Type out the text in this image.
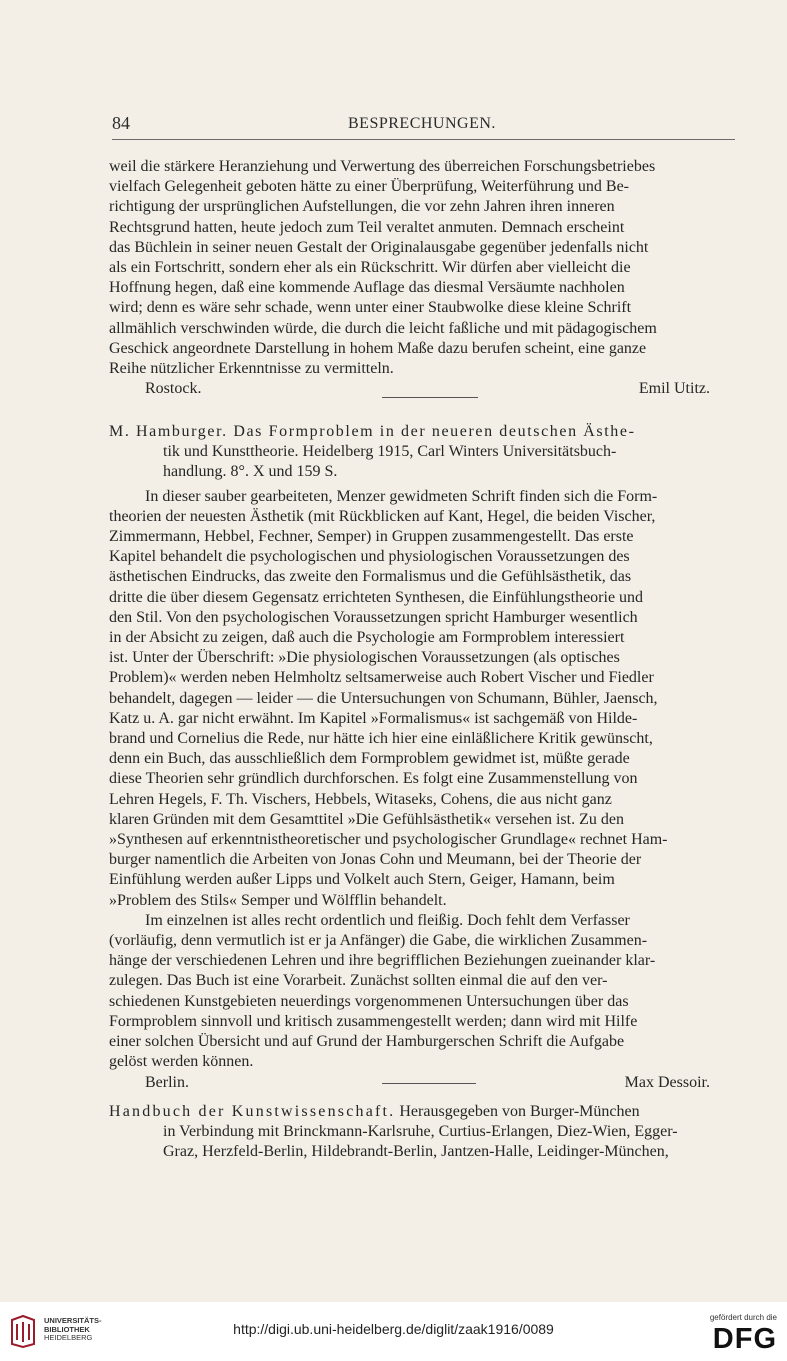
84	BESPRECHUNGEN.

weil die stärkere Heranziehung und Verwertung des überreichen Forschungsbetriebes

vielfach Gelegenheit geboten hätte zu einer Überprüfung, Weiterführung und Be-

richtigung der ursprünglichen Aufstellungen, die vor zehn Jahren ihren inneren

Rechtsgrund hatten, heute jedoch zum Teil veraltet anmuten. Demnach erscheint

das Büchlein in seiner neuen Gestalt der Originalausgabe gegenüber jedenfalls nicht

als ein Fortschritt, sondern eher als ein Rückschritt. Wir dürfen aber vielleicht die

Hoffnung hegen, daß eine kommende Auflage das diesmal Versäumte nachholen

wird; denn es wäre sehr schade, wenn unter einer Staubwolke diese kleine Schrift

allmählich verschwinden würde, die durch die leicht faßliche und mit pädagogischem

Geschick angeordnete Darstellung in hohem Maße dazu berufen scheint, eine ganze

Reihe nützlicher Erkenntnisse zu vermitteln.

Rostock.	Emil Utitz.

M. Hamburger. Das Formproblem in der neueren deutschen Ästhe-

tik und Kunsttheorie. Heidelberg 1915, Carl Winters Universitätsbuch-

handlung. 8°. X und 159 S.

In dieser sauber gearbeiteten, Menzer gewidmeten Schrift finden sich die Form-

theorien der neuesten Ästhetik (mit Rückblicken auf Kant, Hegel, die beiden Vischer,

Zimmermann, Hebbel, Fechner, Semper) in Gruppen zusammengestellt. Das erste

Kapitel behandelt die psychologischen und physiologischen Voraussetzungen des

ästhetischen Eindrucks, das zweite den Formalismus und die Gefühlsästhetik, das

dritte die über diesem Gegensatz errichteten Synthesen, die Einfühlungstheorie und

den Stil. Von den psychologischen Voraussetzungen spricht Hamburger wesentlich

in der Absicht zu zeigen, daß auch die Psychologie am Formproblem interessiert

ist. Unter der Überschrift: »Die physiologischen Voraussetzungen (als optisches

Problem)« werden neben Helmholtz seltsamerweise auch Robert Vischer und Fiedler

behandelt, dagegen — leider — die Untersuchungen von Schumann, Bühler, Jaensch,

Katz u. A. gar nicht erwähnt. Im Kapitel »Formalismus« ist sachgemäß von Hilde-

brand und Cornelius die Rede, nur hätte ich hier eine einläßlichere Kritik gewünscht,

denn ein Buch, das ausschließlich dem Formproblem gewidmet ist, müßte gerade

diese Theorien sehr gründlich durchforschen. Es folgt eine Zusammenstellung von

Lehren Hegels, F. Th. Vischers, Hebbels, Witaseks, Cohens, die aus nicht ganz

klaren Gründen mit dem Gesamttitel »Die Gefühlsästhetik« versehen ist. Zu den

»Synthesen auf erkenntnistheoretischer und psychologischer Grundlage« rechnet Ham-

burger namentlich die Arbeiten von Jonas Cohn und Meumann, bei der Theorie der

Einfühlung werden außer Lipps und Volkelt auch Stern, Geiger, Hamann, beim

»Problem des Stils« Semper und Wölfflin behandelt.

Im einzelnen ist alles recht ordentlich und fleißig. Doch fehlt dem Verfasser

(vorläufig, denn vermutlich ist er ja Anfänger) die Gabe, die wirklichen Zusammen-

hänge der verschiedenen Lehren und ihre begrifflichen Beziehungen zueinander klar-

zulegen. Das Buch ist eine Vorarbeit. Zunächst sollten einmal die auf den ver-

schiedenen Kunstgebieten neuerdings vorgenommenen Untersuchungen über das

Formproblem sinnvoll und kritisch zusammengestellt werden; dann wird mit Hilfe

einer solchen Übersicht und auf Grund der Hamburgerschen Schrift die Aufgabe

gelöst werden können.

Berlin.	Max Dessoir.

Handbuch der Kunstwissenschaft. Herausgegeben von Burger-München

in Verbindung mit Brinckmann-Karlsruhe, Curtius-Erlangen, Diez-Wien, Egger-

Graz, Herzfeld-Berlin, Hildebrandt-Berlin, Jantzen-Halle, Leidinger-München,

UNIVERSITÄTS-
BIBLIOTHEK
HEIDELBERG
http://digi.ub.uni-heidelberg.de/diglit/zaak1916/0089
gefördert durch die
DFG
